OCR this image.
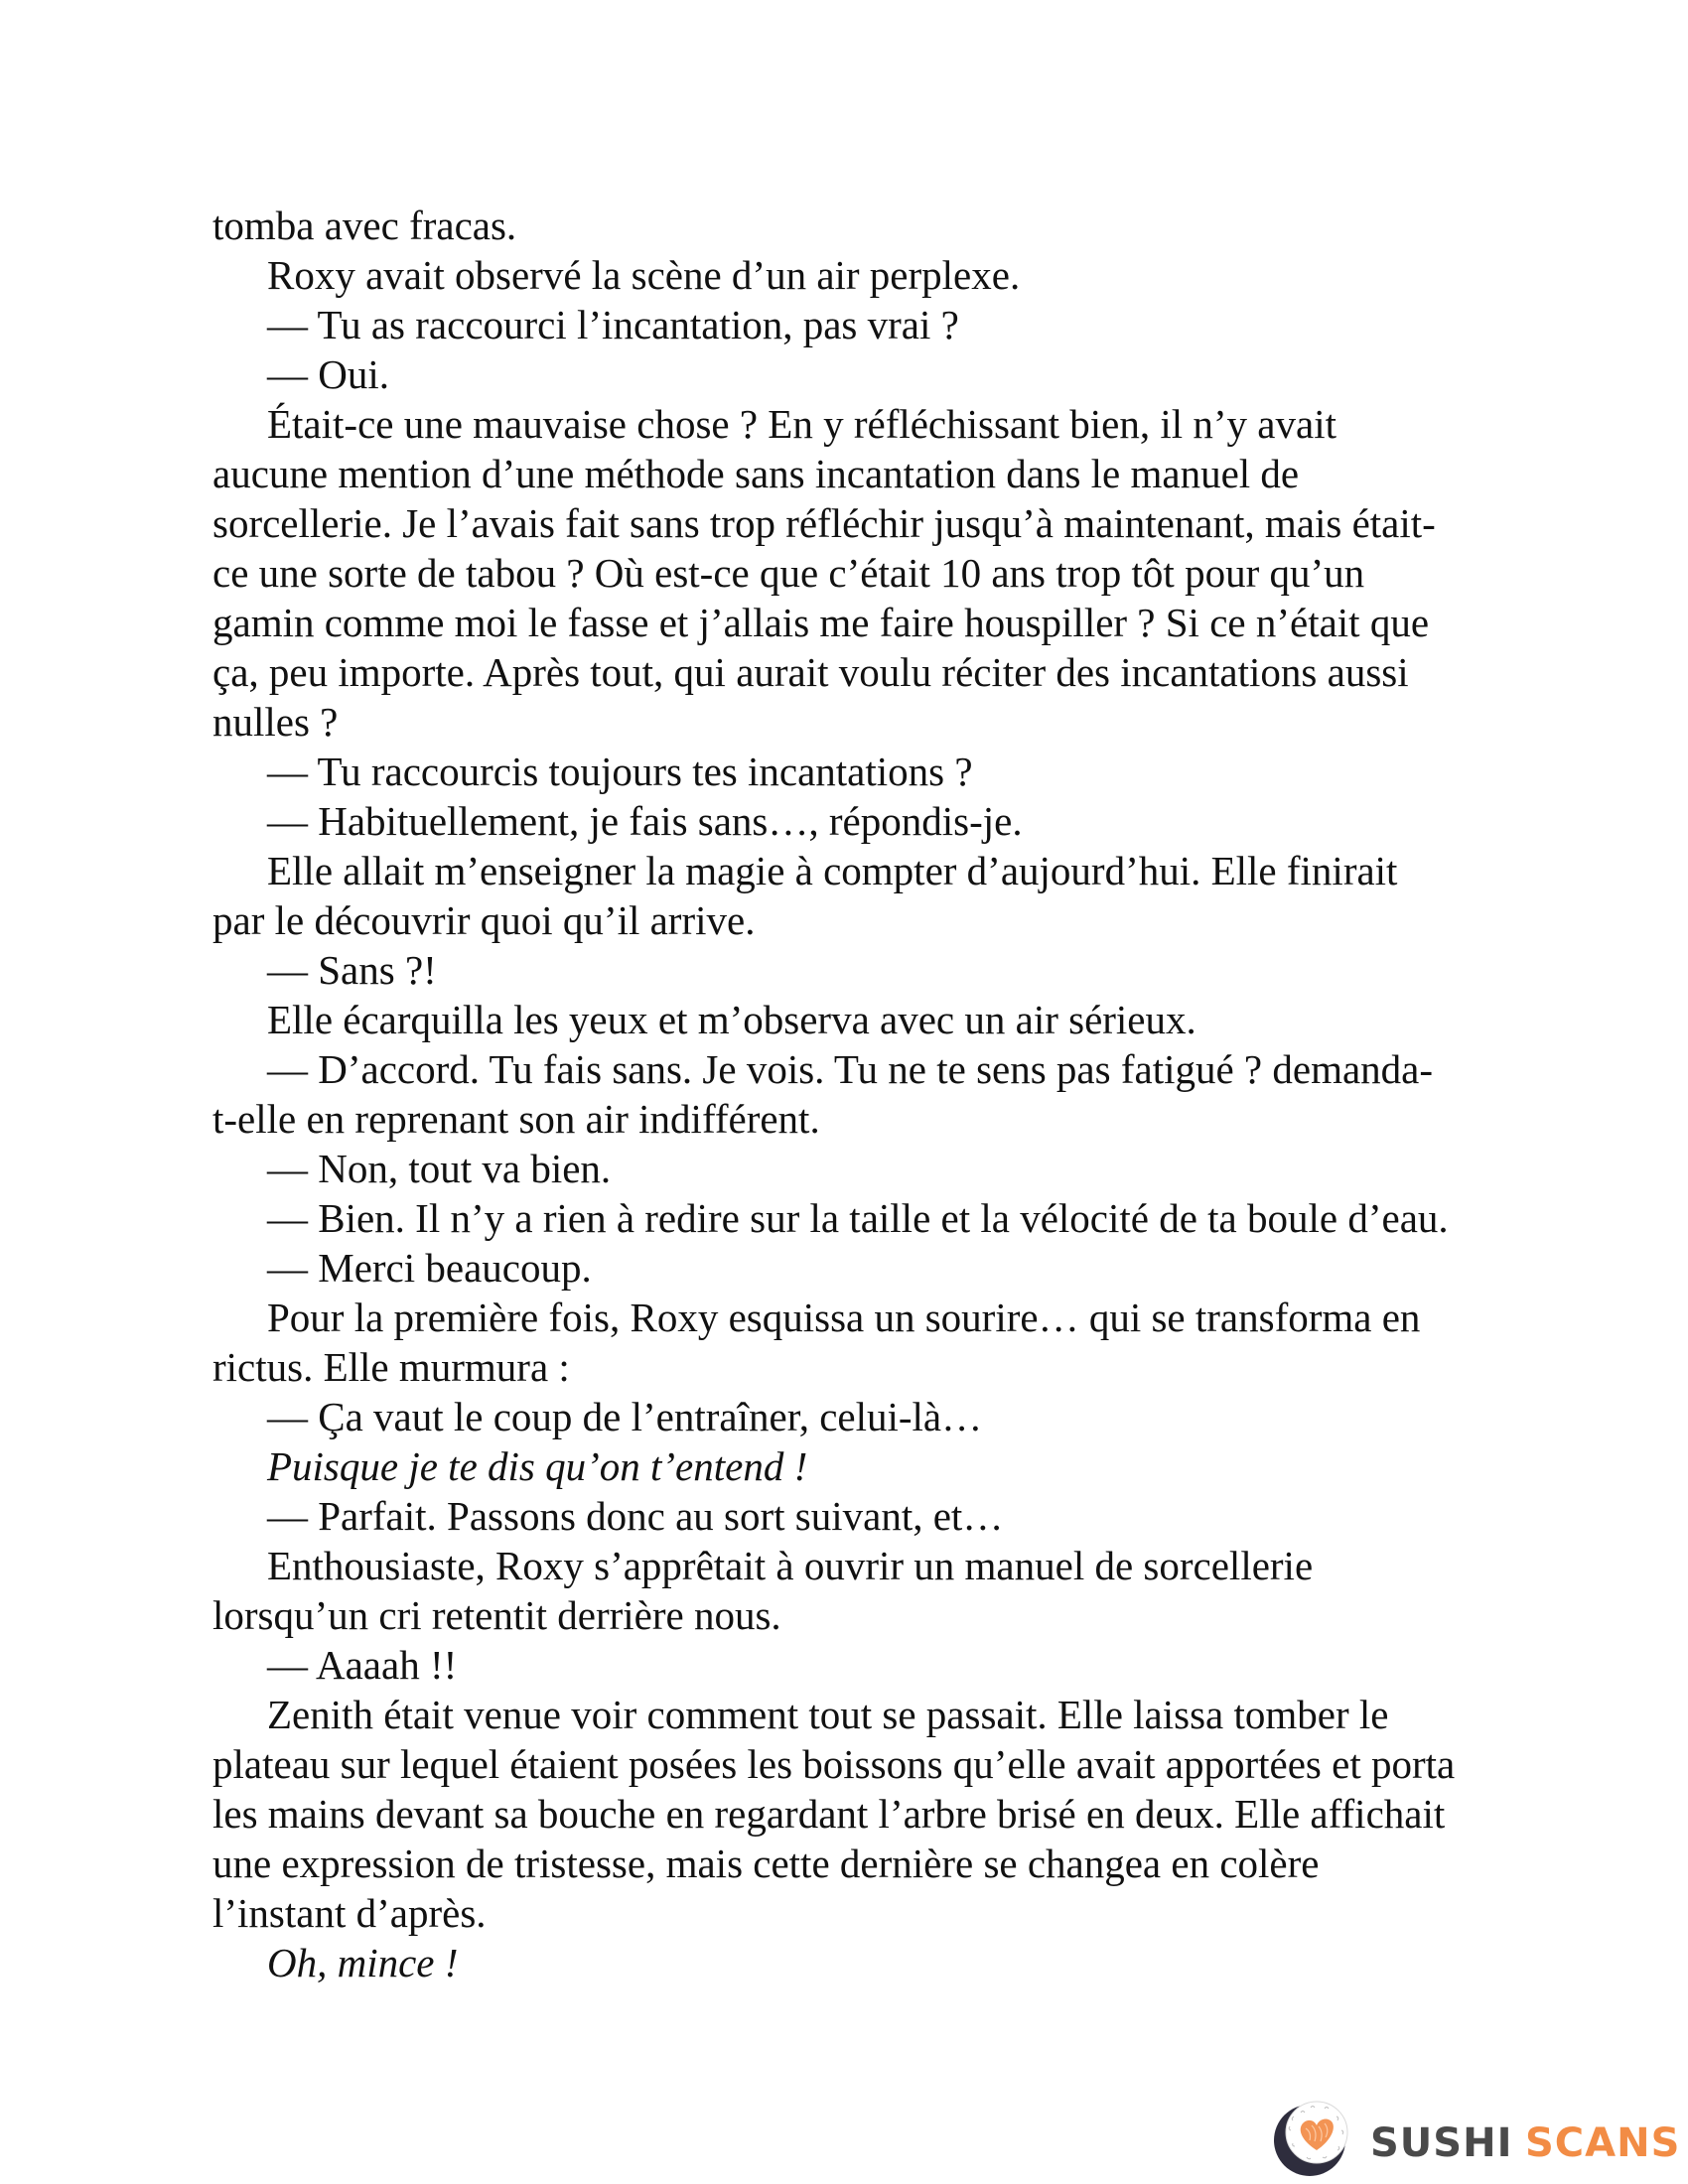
tomba avec fracas.
Roxy avait observé la scène d’un air perplexe.
— Tu as raccourci l’incantation, pas vrai ?
— Oui.
Était-ce une mauvaise chose ? En y réfléchissant bien, il n’y avait
aucune mention d’une méthode sans incantation dans le manuel de
sorcellerie. Je l’avais fait sans trop réfléchir jusqu’à maintenant, mais était-
ce une sorte de tabou ? Où est-ce que c’était 10 ans trop tôt pour qu’un
gamin comme moi le fasse et j’allais me faire houspiller ? Si ce n’était que
ça, peu importe. Après tout, qui aurait voulu réciter des incantations aussi
nulles ?
— Tu raccourcis toujours tes incantations ?
— Habituellement, je fais sans…, répondis-je.
Elle allait m’enseigner la magie à compter d’aujourd’hui. Elle finirait
par le découvrir quoi qu’il arrive.
— Sans ?!
Elle écarquilla les yeux et m’observa avec un air sérieux.
— D’accord. Tu fais sans. Je vois. Tu ne te sens pas fatigué ? demanda-
t-elle en reprenant son air indifférent.
— Non, tout va bien.
— Bien. Il n’y a rien à redire sur la taille et la vélocité de ta boule d’eau.
— Merci beaucoup.
Pour la première fois, Roxy esquissa un sourire… qui se transforma en
rictus. Elle murmura :
— Ça vaut le coup de l’entraîner, celui-là…
Puisque je te dis qu’on t’entend !
— Parfait. Passons donc au sort suivant, et…
Enthousiaste, Roxy s’apprêtait à ouvrir un manuel de sorcellerie
lorsqu’un cri retentit derrière nous.
— Aaaah !!
Zenith était venue voir comment tout se passait. Elle laissa tomber le
plateau sur lequel étaient posées les boissons qu’elle avait apportées et porta
les mains devant sa bouche en regardant l’arbre brisé en deux. Elle affichait
une expression de tristesse, mais cette dernière se changea en colère
l’instant d’après.
Oh, mince !
SUSHI SCANS
